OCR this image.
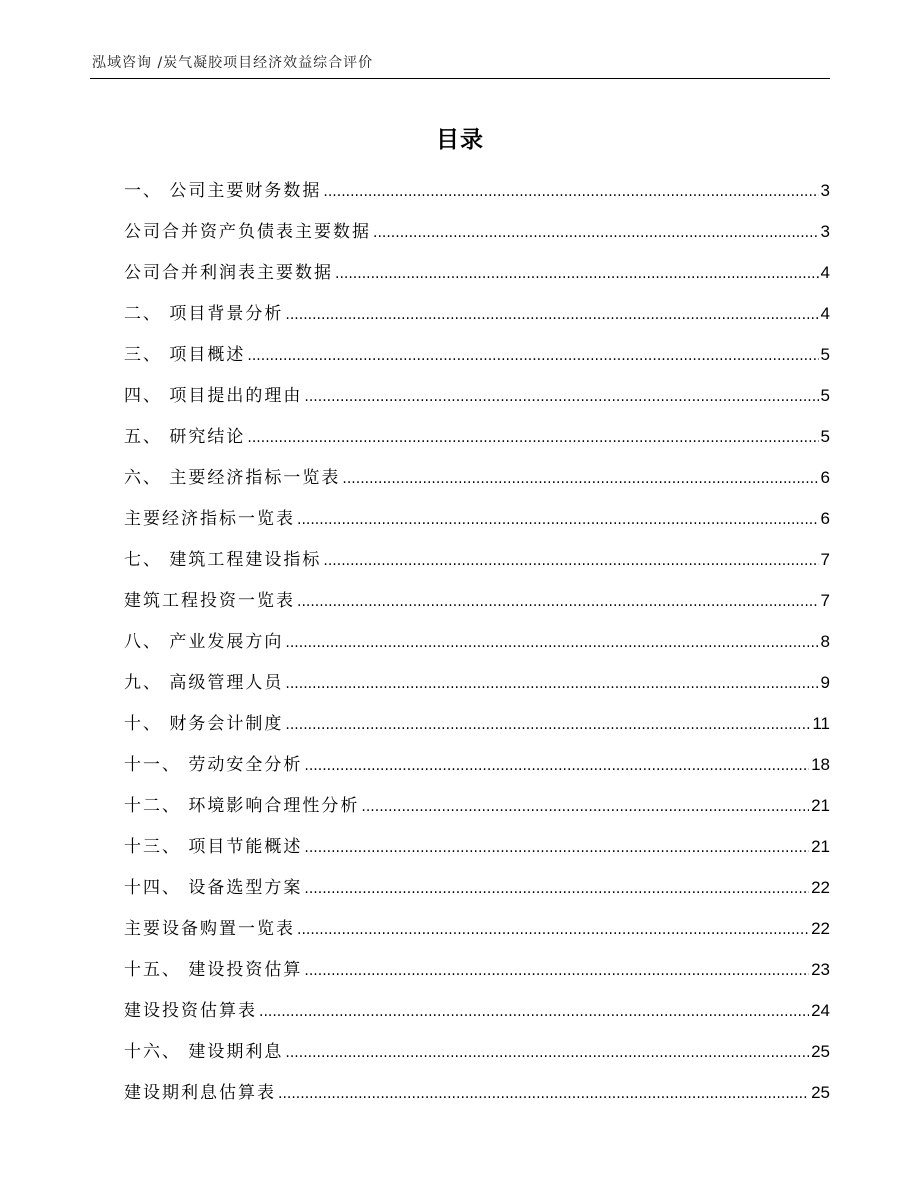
泓域咨询 /炭气凝胶项目经济效益综合评价
目录
一、 公司主要财务数据 .....	3
公司合并资产负债表主要数据 .....	3
公司合并利润表主要数据 .....	4
二、 项目背景分析 .....	4
三、 项目概述 .....	5
四、 项目提出的理由 .....	5
五、 研究结论 .....	5
六、 主要经济指标一览表 .....	6
主要经济指标一览表 .....	6
七、 建筑工程建设指标 .....	7
建筑工程投资一览表 .....	7
八、 产业发展方向 .....	8
九、 高级管理人员 .....	9
十、 财务会计制度 .....	11
十一、 劳动安全分析 .....	18
十二、 环境影响合理性分析 .....	21
十三、 项目节能概述 .....	21
十四、 设备选型方案 .....	22
主要设备购置一览表 .....	22
十五、 建设投资估算 .....	23
建设投资估算表 .....	24
十六、 建设期利息 .....	25
建设期利息估算表 .....	25
